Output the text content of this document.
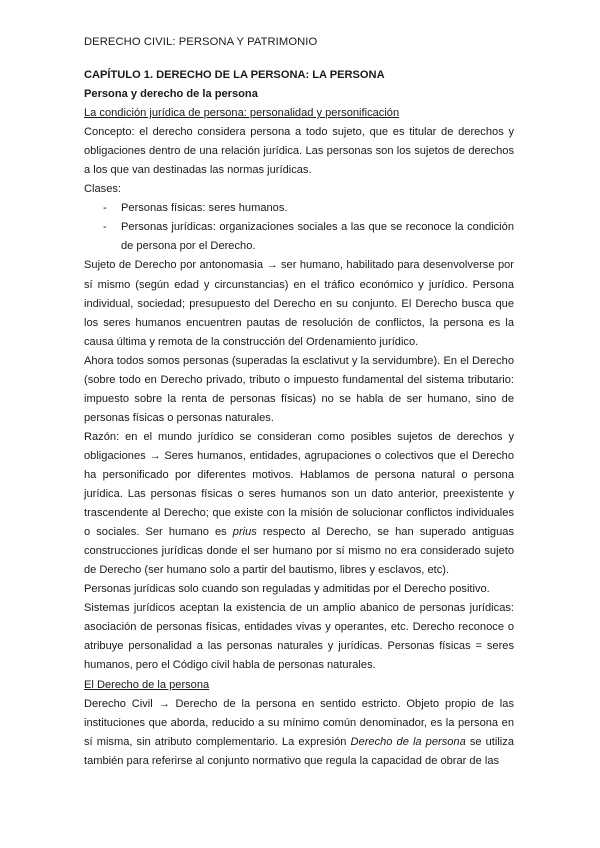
DERECHO CIVIL: PERSONA Y PATRIMONIO

CAPÍTULO 1. DERECHO DE LA PERSONA: LA PERSONA

Persona y derecho de la persona

La condición jurídica de persona: personalidad y personificación

Concepto: el derecho considera persona a todo sujeto, que es titular de derechos y obligaciones dentro de una relación jurídica. Las personas son los sujetos de derechos a los que van destinadas las normas jurídicas.

Clases:

- Personas físicas: seres humanos.
- Personas jurídicas: organizaciones sociales a las que se reconoce la condición de persona por el Derecho.

Sujeto de Derecho por antonomasia → ser humano, habilitado para desenvolverse por sí mismo (según edad y circunstancias) en el tráfico económico y jurídico. Persona individual, sociedad; presupuesto del Derecho en su conjunto. El Derecho busca que los seres humanos encuentren pautas de resolución de conflictos, la persona es la causa última y remota de la construcción del Ordenamiento jurídico.

Ahora todos somos personas (superadas la esclativut y la servidumbre). En el Derecho (sobre todo en Derecho privado, tributo o impuesto fundamental del sistema tributario: impuesto sobre la renta de personas físicas) no se habla de ser humano, sino de personas físicas o personas naturales.

Razón: en el mundo jurídico se consideran como posibles sujetos de derechos y obligaciones → Seres humanos, entidades, agrupaciones o colectivos que el Derecho ha personificado por diferentes motivos. Hablamos de persona natural o persona jurídica. Las personas físicas o seres humanos son un dato anterior, preexistente y trascendente al Derecho; que existe con la misión de solucionar conflictos individuales o sociales. Ser humano es prius respecto al Derecho, se han superado antiguas construcciones jurídicas donde el ser humano por sí mismo no era considerado sujeto de Derecho (ser humano solo a partir del bautismo, libres y esclavos, etc).

Personas jurídicas solo cuando son reguladas y admitidas por el Derecho positivo.

Sistemas jurídicos aceptan la existencia de un amplio abanico de personas jurídicas: asociación de personas físicas, entidades vivas y operantes, etc. Derecho reconoce o atribuye personalidad a las personas naturales y jurídicas. Personas físicas = seres humanos, pero el Código civil habla de personas naturales.

El Derecho de la persona

Derecho Civil → Derecho de la persona en sentido estricto. Objeto propio de las instituciones que aborda, reducido a su mínimo común denominador, es la persona en sí misma, sin atributo complementario. La expresión Derecho de la persona se utiliza también para referirse al conjunto normativo que regula la capacidad de obrar de las
